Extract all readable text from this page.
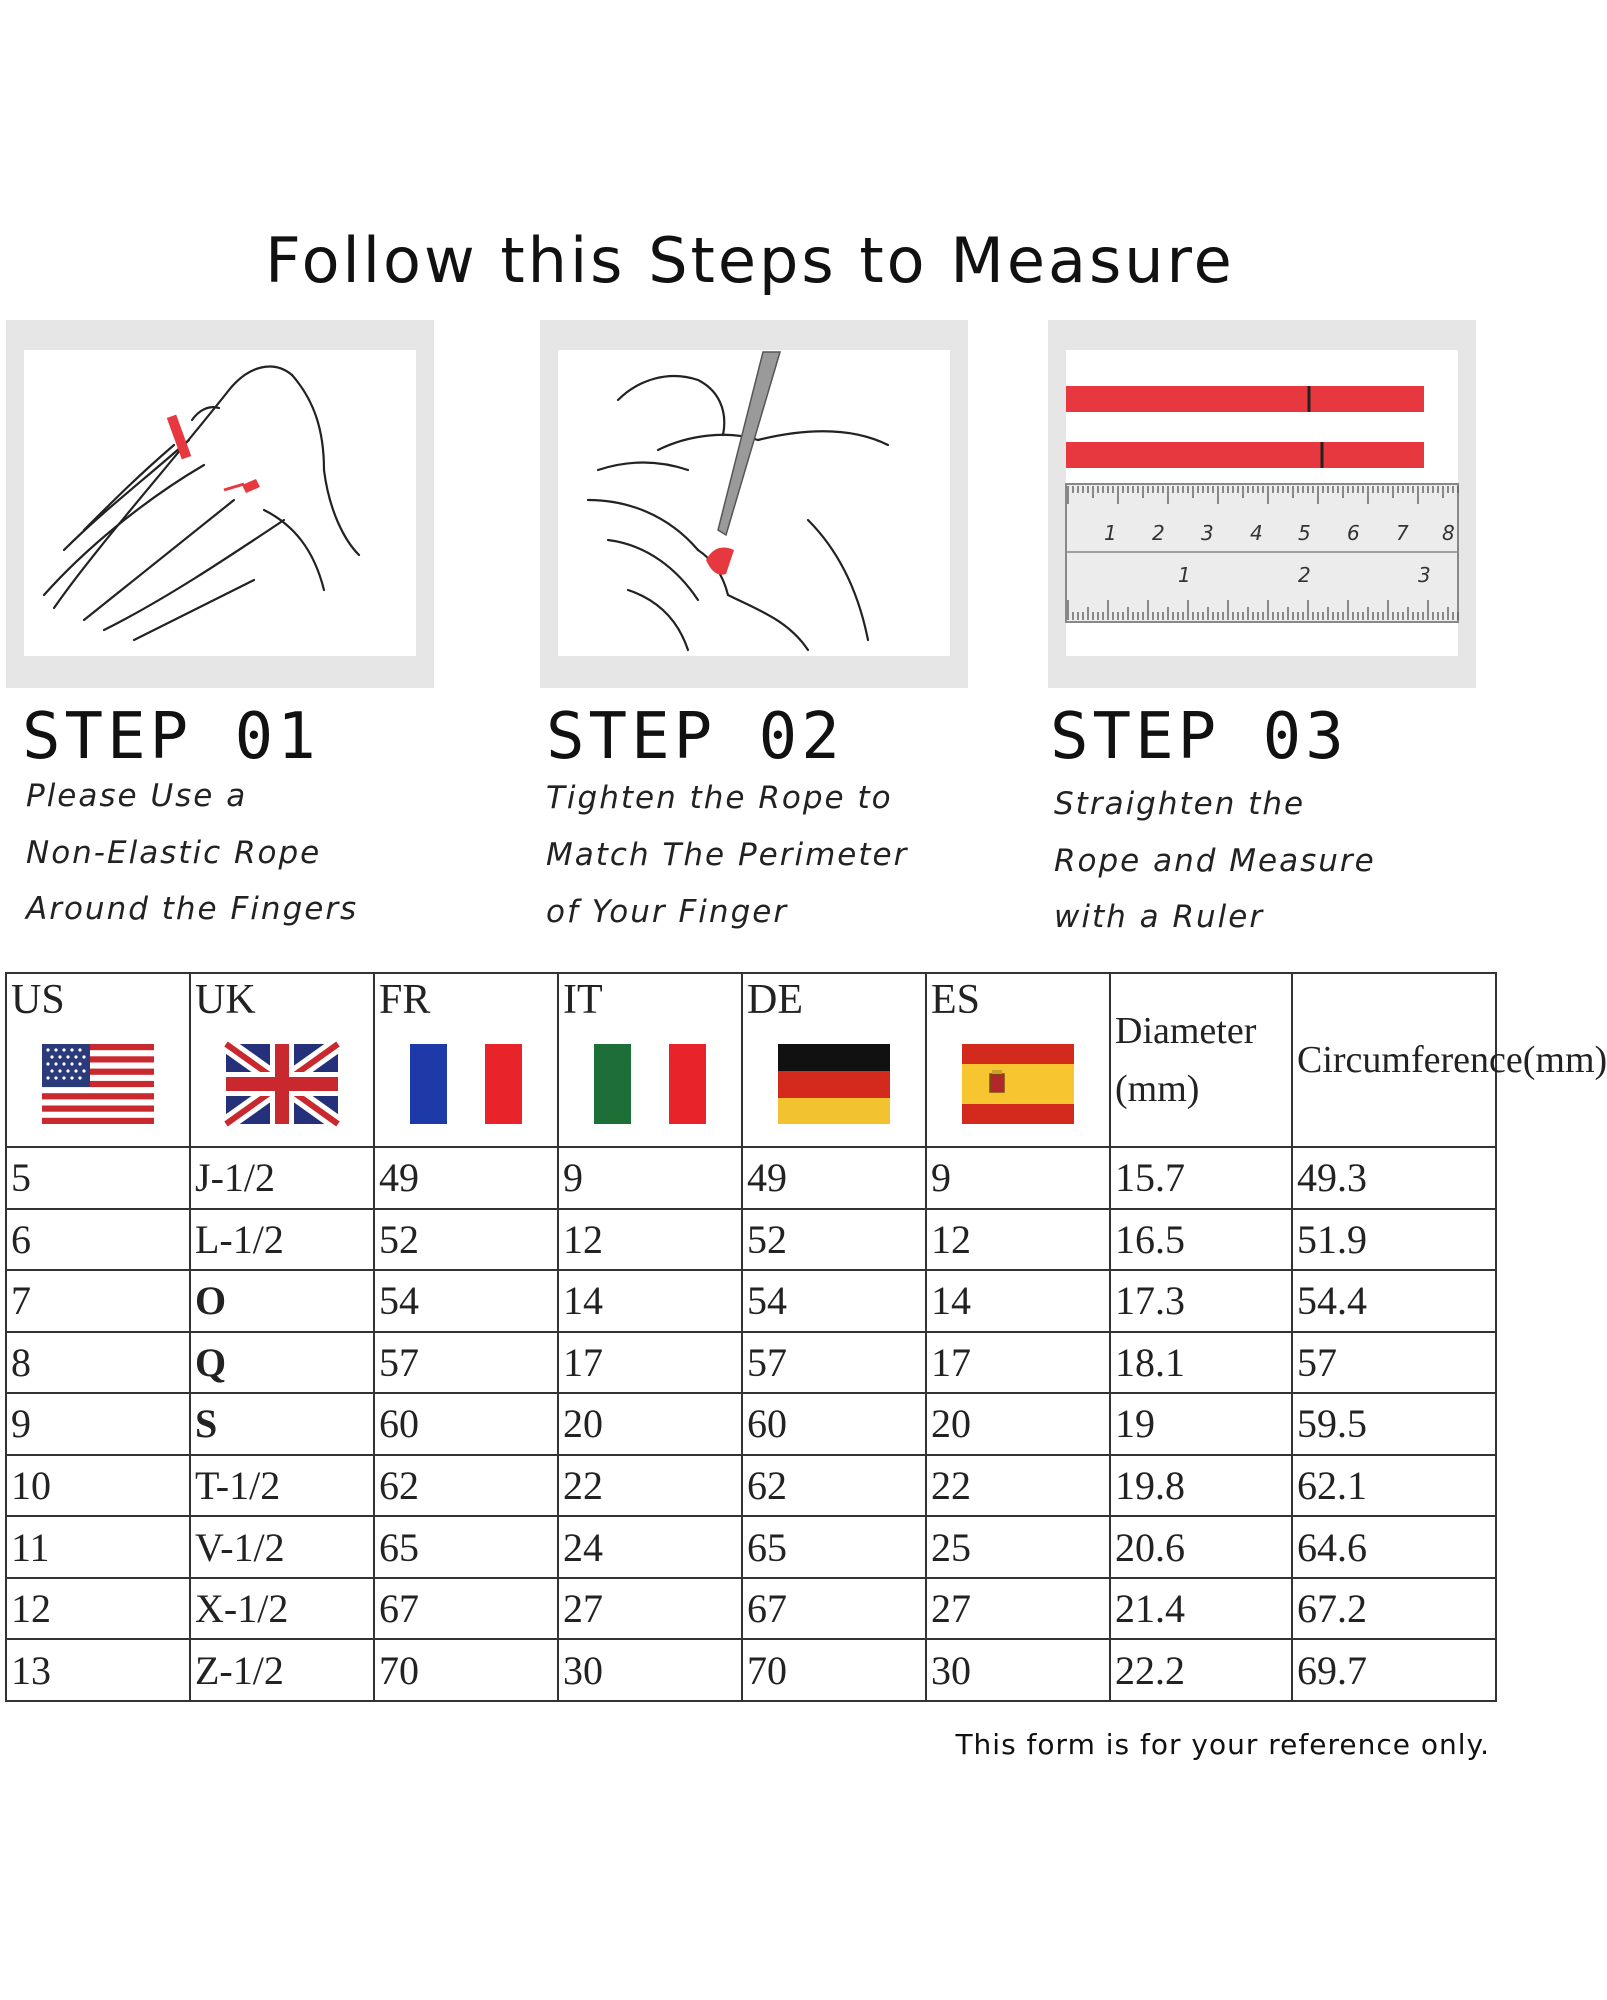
Follow this Steps to Measure
1 2 3 4 5 6 7 8
1	2	3
STEP 01
Please Use a
Non-Elastic Rope
Around the Fingers
STEP 02
Tighten the Rope to
Match The Perimeter
of Your Finger
STEP 03
Straighten the
Rope and Measure
with a Ruler
US	UK	FR	IT	DE	ES	Diameter (mm)	Circumference(mm)
5	J-1/2	49	9	49	9	15.7	49.3
6	L-1/2	52	12	52	12	16.5	51.9
7	O	54	14	54	14	17.3	54.4
8	Q	57	17	57	17	18.1	57
9	S	60	20	60	20	19	59.5
10	T-1/2	62	22	62	22	19.8	62.1
11	V-1/2	65	24	65	25	20.6	64.6
12	X-1/2	67	27	67	27	21.4	67.2
13	Z-1/2	70	30	70	30	22.2	69.7
This form is for your reference only.
